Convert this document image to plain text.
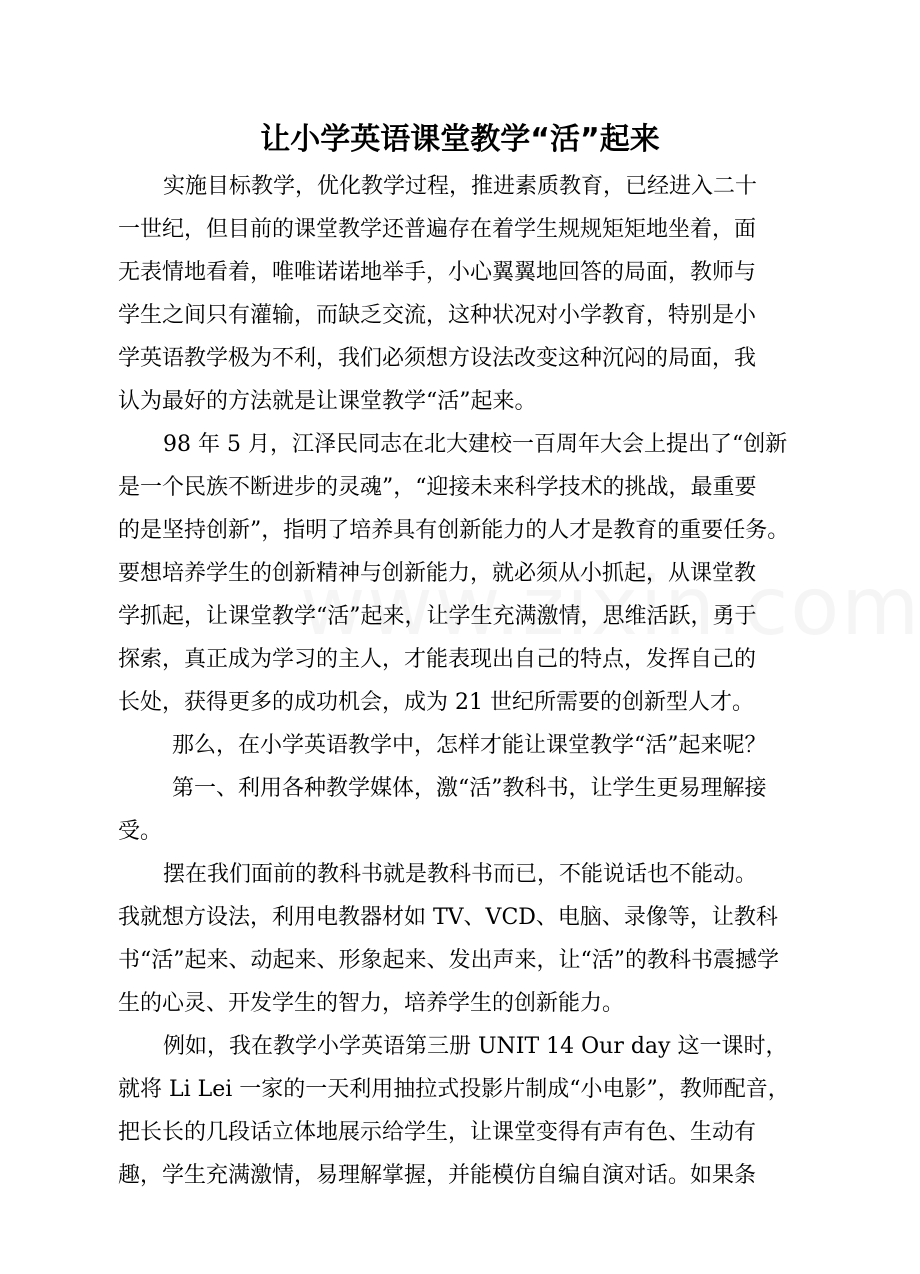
让小学英语课堂教学“活”起来
实施目标教学，优化教学过程，推进素质教育，已经进入二十
一世纪，但目前的课堂教学还普遍存在着学生规规矩矩地坐着，面
无表情地看着，唯唯诺诺地举手，小心翼翼地回答的局面，教师与
学生之间只有灌输，而缺乏交流，这种状况对小学教育，特别是小
学英语教学极为不利，我们必须想方设法改变这种沉闷的局面，我
认为最好的方法就是让课堂教学“活”起来。
98 年 5 月，江泽民同志在北大建校一百周年大会上提出了“创新
是一个民族不断进步的灵魂”，“迎接未来科学技术的挑战，最重要
的是坚持创新”，指明了培养具有创新能力的人才是教育的重要任务。
要想培养学生的创新精神与创新能力，就必须从小抓起，从课堂教
学抓起，让课堂教学“活”起来，让学生充满激情，思维活跃，勇于
探索，真正成为学习的主人，才能表现出自己的特点，发挥自己的
长处，获得更多的成功机会，成为 21 世纪所需要的创新型人才。
那么，在小学英语教学中，怎样才能让课堂教学“活”起来呢？
第一、利用各种教学媒体，激“活”教科书，让学生更易理解接
受。
摆在我们面前的教科书就是教科书而已，不能说话也不能动。
我就想方设法，利用电教器材如 TV、VCD、电脑、录像等，让教科
书“活”起来、动起来、形象起来、发出声来，让“活”的教科书震撼学
生的心灵、开发学生的智力，培养学生的创新能力。
例如，我在教学小学英语第三册 UNIT 14 Our day 这一课时，
就将 Li Lei 一家的一天利用抽拉式投影片制成“小电影”，教师配音，
把长长的几段话立体地展示给学生，让课堂变得有声有色、生动有
趣，学生充满激情，易理解掌握，并能模仿自编自演对话。如果条
